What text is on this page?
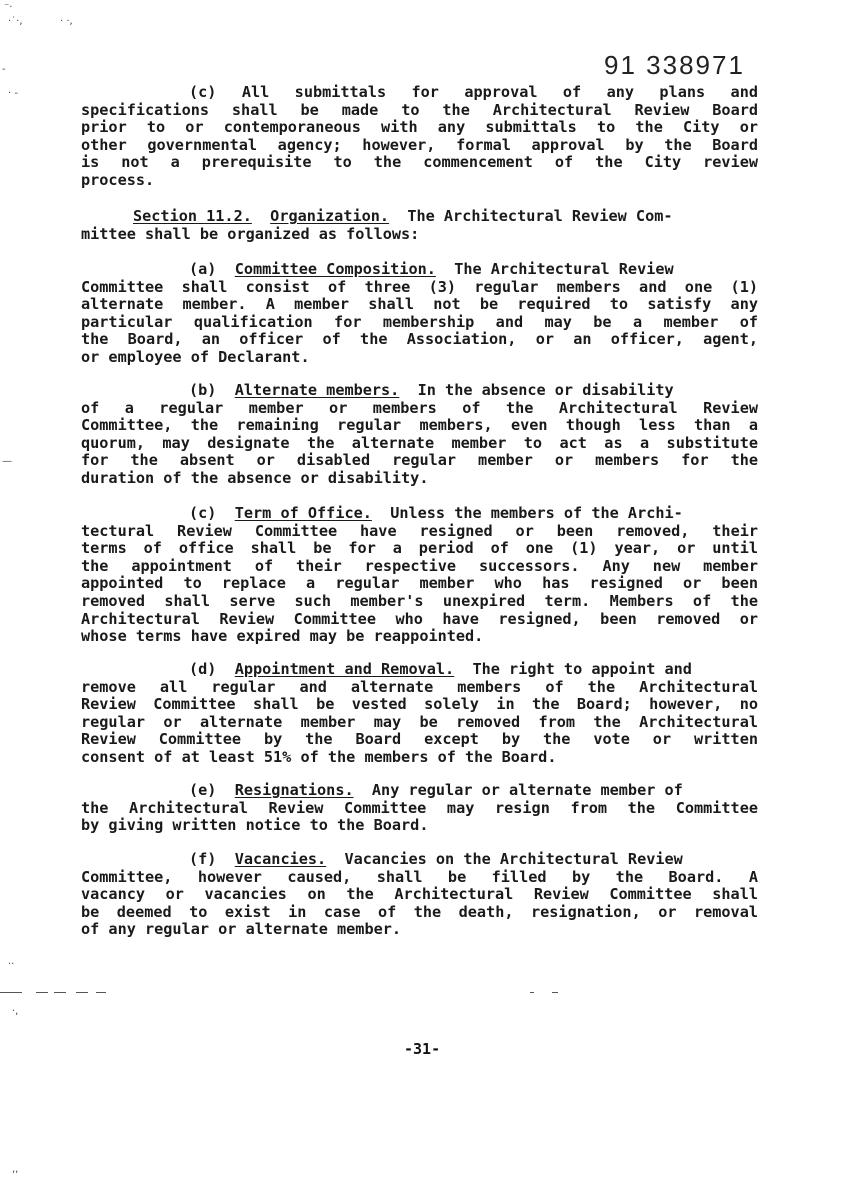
⁻·
·˙·,	· ·,
-
· -
—
..
·,
,,
91 338971
(c) All submittals for approval of any plans and
specifications shall be made to the Architectural Review Board
prior to or contemporaneous with any submittals to the City or
other governmental agency; however, formal approval by the Board
is not a prerequisite to the commencement of the City review
process.
Section 11.2. Organization. The Architectural Review Com-
mittee shall be organized as follows:
(a) Committee Composition. The Architectural Review
Committee shall consist of three (3) regular members and one (1)
alternate member. A member shall not be required to satisfy any
particular qualification for membership and may be a member of
the Board, an officer of the Association, or an officer, agent,
or employee of Declarant.
(b) Alternate members. In the absence or disability
of a regular member or members of the Architectural Review
Committee, the remaining regular members, even though less than a
quorum, may designate the alternate member to act as a substitute
for the absent or disabled regular member or members for the
duration of the absence or disability.
(c) Term of Office. Unless the members of the Archi-
tectural Review Committee have resigned or been removed, their
terms of office shall be for a period of one (1) year, or until
the appointment of their respective successors. Any new member
appointed to replace a regular member who has resigned or been
removed shall serve such member's unexpired term. Members of the
Architectural Review Committee who have resigned, been removed or
whose terms have expired may be reappointed.
(d) Appointment and Removal. The right to appoint and
remove all regular and alternate members of the Architectural
Review Committee shall be vested solely in the Board; however, no
regular or alternate member may be removed from the Architectural
Review Committee by the Board except by the vote or written
consent of at least 51% of the members of the Board.
(e) Resignations. Any regular or alternate member of
the Architectural Review Committee may resign from the Committee
by giving written notice to the Board.
(f) Vacancies. Vacancies on the Architectural Review
Committee, however caused, shall be filled by the Board. A
vacancy or vacancies on the Architectural Review Committee shall
be deemed to exist in case of the death, resignation, or removal
of any regular or alternate member.
-31-
